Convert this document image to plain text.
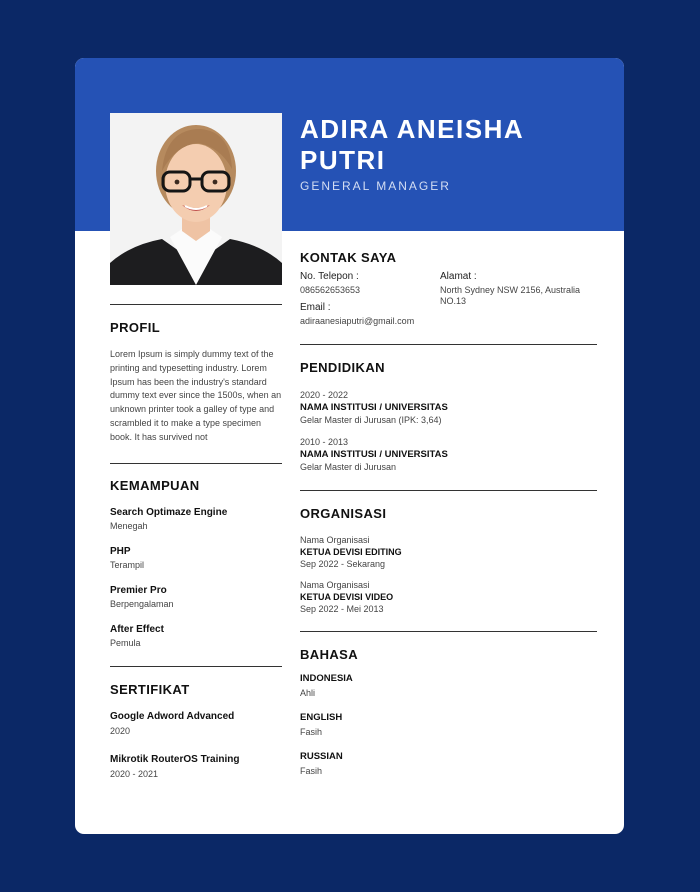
ADIRA ANEISHA PUTRI
GENERAL MANAGER
PROFIL

Lorem Ipsum is simply dummy text of the printing and typesetting industry. Lorem Ipsum has been the industry's standard dummy text ever since the 1500s, when an unknown printer took a galley of type and scrambled it to make a type specimen book. It has survived not

KEMAMPUAN
Search Optimaze Engine
Menegah
PHP
Terampil
Premier Pro
Berpengalaman
After Effect
Pemula
SERTIFIKAT
Google Adword Advanced
2020
Mikrotik RouterOS Training
2020 - 2021
KONTAK SAYA
No. Telepon :
086562653653
Email :
adiraanesiaputri@gmail.com
Alamat :
North Sydney NSW 2156, Australia NO.13
PENDIDIKAN
2020 - 2022
NAMA INSTITUSI / UNIVERSITAS
Gelar Master di Jurusan (IPK: 3,64)
2010 - 2013
NAMA INSTITUSI / UNIVERSITAS
Gelar Master di Jurusan
ORGANISASI
Nama Organisasi
KETUA DEVISI EDITING
Sep 2022 - Sekarang
Nama Organisasi
KETUA DEVISI VIDEO
Sep 2022 - Mei 2013
BAHASA
INDONESIA
Ahli
ENGLISH
Fasih
RUSSIAN
Fasih
